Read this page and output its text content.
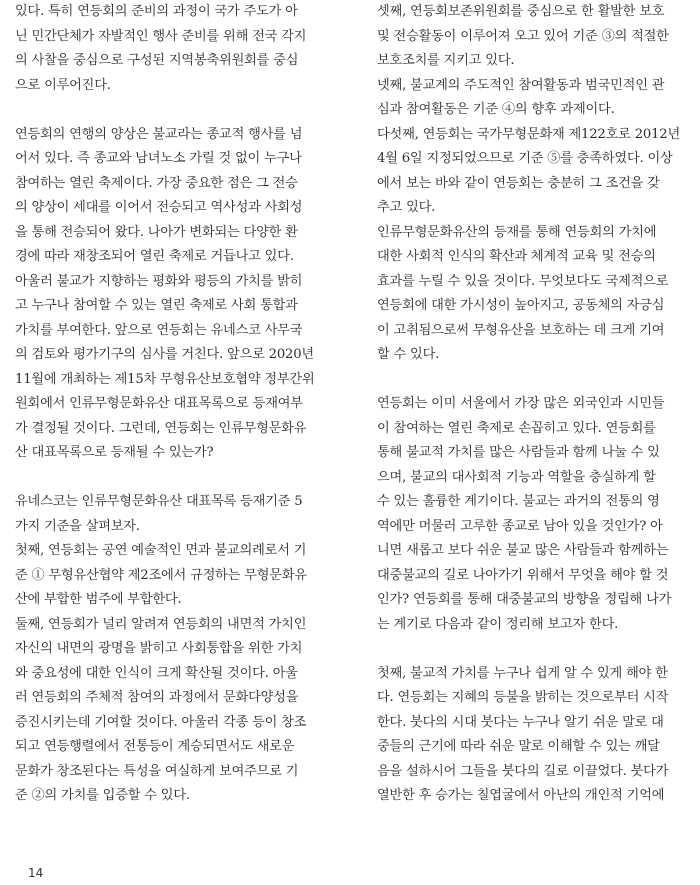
있다. 특히 연등회의 준비의 과정이 국가 주도가 아
닌 민간단체가 자발적인 행사 준비를 위해 전국 각지
의 사찰을 중심으로 구성된 지역봉축위원회를 중심
으로 이루어진다.

연등회의 연행의 양상은 불교라는 종교적 행사를 넘
어서 있다. 즉 종교와 남녀노소 가릴 것 없이 누구나
참여하는 열린 축제이다. 가장 중요한 점은 그 전승
의 양상이 세대를 이어서 전승되고 역사성과 사회성
을 통해 전승되어 왔다. 나아가 변화되는 다양한 환
경에 따라 재창조되어 열린 축제로 거듭나고 있다.
아울러 불교가 지향하는 평화와 평등의 가치를 밝히
고 누구나 참여할 수 있는 열린 축제로 사회 통합과
가치를 부여한다. 앞으로 연등회는 유네스코 사무국
의 검토와 평가기구의 심사를 거친다. 앞으로 2020년
11월에 개최하는 제15차 무형유산보호협약 정부간위
원회에서 인류무형문화유산 대표목록으로 등재여부
가 결정될 것이다. 그런데, 연등회는 인류무형문화유
산 대표목록으로 등재될 수 있는가?

유네스코는 인류무형문화유산 대표목록 등재기준 5
가지 기준을 살펴보자.
첫째, 연등회는 공연 예술적인 면과 불교의례로서 기
준 ① 무형유산협약 제2조에서 규정하는 무형문화유
산에 부합한 범주에 부합한다.
둘째, 연등회가 널리 알려져 연등회의 내면적 가치인
자신의 내면의 광명을 밝히고 사회통합을 위한 가치
와 중요성에 대한 인식이 크게 확산될 것이다. 아울
러 연등회의 주체적 참여의 과정에서 문화다양성을
증진시키는데 기여할 것이다. 아울러 각종 등이 창조
되고 연등행렬에서 전통등이 계승되면서도 새로운
문화가 창조된다는 특성을 여실하게 보여주므로 기
준 ②의 가치를 입증할 수 있다.

셋째, 연등회보존위원회를 중심으로 한 활발한 보호
및 전승활동이 이루어져 오고 있어 기준 ③의 적절한
보호조치를 지키고 있다.
넷째, 불교계의 주도적인 참여활동과 범국민적인 관
심과 참여활동은 기준 ④의 향후 과제이다.
다섯째, 연등회는 국가무형문화재 제122호로 2012년
4월 6일 지정되었으므로 기준 ⑤를 충족하였다. 이상
에서 보는 바와 같이 연등회는 충분히 그 조건을 갖
추고 있다.
인류무형문화유산의 등재를 통해 연등회의 가치에
대한 사회적 인식의 확산과 체계적 교육 및 전승의
효과를 누릴 수 있을 것이다. 무엇보다도 국제적으로
연등회에 대한 가시성이 높아지고, 공동체의 자긍심
이 고취됨으로써 무형유산을 보호하는 데 크게 기여
할 수 있다.

연등회는 이미 서울에서 가장 많은 외국인과 시민들
이 참여하는 열린 축제로 손꼽히고 있다. 연등회를
통해 불교적 가치를 많은 사람들과 함께 나눌 수 있
으며, 불교의 대사회적 기능과 역할을 충실하게 할
수 있는 훌륭한 계기이다. 불교는 과거의 전통의 영
역에만 머물러 고루한 종교로 남아 있을 것인가? 아
니면 새롭고 보다 쉬운 불교 많은 사람들과 함께하는
대중불교의 길로 나아가기 위해서 무엇을 해야 할 것
인가? 연등회를 통해 대중불교의 방향을 정립해 나가
는 계기로 다음과 같이 정리해 보고자 한다.

첫째, 불교적 가치를 누구나 쉽게 알 수 있게 해야 한
다. 연등회는 지혜의 등불을 밝히는 것으로부터 시작
한다. 붓다의 시대 붓다는 누구나 알기 쉬운 말로 대
중들의 근기에 따라 쉬운 말로 이해할 수 있는 깨달
음을 설하시어 그들을 붓다의 길로 이끌었다. 붓다가
열반한 후 승가는 칠엽굴에서 아난의 개인적 기억에

14
